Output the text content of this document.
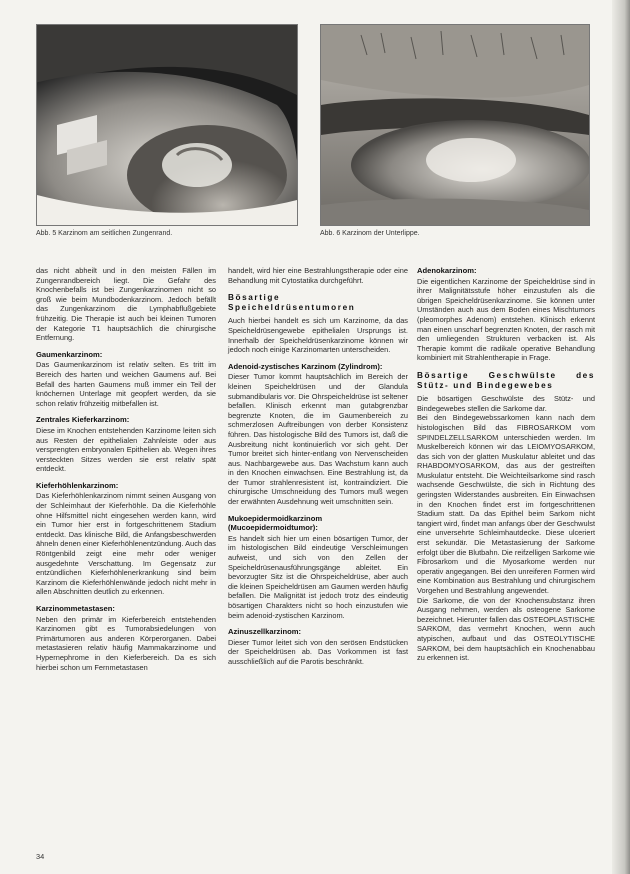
Abb. 5 Karzinom am seitlichen Zungenrand.	Abb. 6 Karzinom der Unterlippe.

das nicht abheilt und in den meisten Fällen im Zungenrandbereich liegt. Die Gefahr des Knochenbefalls ist bei Zungenkarzinomen nicht so groß wie beim Mundbodenkarzinom. Jedoch befällt das Zungenkarzinom die Lymphabflußgebiete frühzeitig. Die Therapie ist auch bei kleinen Tumoren der Kategorie T1 hauptsächlich die chirurgische Entfernung.

Gaumenkarzinom:

Das Gaumenkarzinom ist relativ selten. Es tritt im Bereich des harten und weichen Gaumens auf. Bei Befall des harten Gaumens muß immer ein Teil der knöchernen Unterlage mit geopfert werden, da sie schon relativ frühzeitig mitbefallen ist.

Zentrales Kieferkarzinom:

Diese im Knochen entstehenden Karzinome leiten sich aus Resten der epithelialen Zahnleiste oder aus versprengten embryonalen Epithelien ab. Wegen ihres versteckten Sitzes werden sie erst relativ spät entdeckt.

Kieferhöhlenkarzinom:

Das Kieferhöhlenkarzinom nimmt seinen Ausgang von der Schleimhaut der Kieferhöhle. Da die Kieferhöhle ohne Hilfsmittel nicht eingesehen werden kann, wird ein Tumor hier erst in fortgeschrittenem Stadium entdeckt. Das klinische Bild, die Anfangsbeschwerden ähneln denen einer Kieferhöhlenentzündung. Auch das Röntgenbild zeigt eine mehr oder weniger ausgedehnte Verschattung. Im Gegensatz zur entzündlichen Kieferhöhlenerkrankung sind beim Karzinom die Kieferhöhlenwände jedoch nicht mehr in allen Abschnitten deutlich zu erkennen.

Karzinommetastasen:

Neben den primär im Kieferbereich entstehenden Karzinomen gibt es Tumorabsiedelungen von Primärtumoren aus anderen Körperorganen. Dabei metastasieren relativ häufig Mammakarzinome und Hypernephrome in den Kieferbereich. Da es sich hierbei schon um Fernmetastasen

handelt, wird hier eine Bestrahlungstherapie oder eine Behandlung mit Cytostatika durchgeführt.

Bösartige Speicheldrüsentumoren

Auch hierbei handelt es sich um Karzinome, da das Speicheldrüsengewebe epithelialen Ursprungs ist. Innerhalb der Speicheldrüsenkarzinome können wir jedoch noch einige Karzinomarten unterscheiden.

Adenoid-zystisches Karzinom (Zylindrom):

Dieser Tumor kommt hauptsächlich im Bereich der kleinen Speicheldrüsen und der Glandula submandibularis vor. Die Ohrspeicheldrüse ist seltener befallen. Klinisch erkennt man gutabgrenzbar begrenzte Knoten, die im Gaumenbereich zu schmerzlosen Auftreibungen von derber Konsistenz führen. Das histologische Bild des Tumors ist, daß die Ausbreitung nicht kontinuierlich vor sich geht. Der Tumor breitet sich hinter-entlang von Nervenscheiden aus. Nachbargewebe aus. Das Wachstum kann auch in den Knochen einwachsen. Eine Bestrahlung ist, da der Tumor strahlenresistent ist, kontraindiziert. Die chirurgische Umschneidung des Tumors muß wegen der erwähnten Ausdehnung weit umschnitten sein.

Mukoepidermoidkarzinom (Mucoepidermoidtumor):

Es handelt sich hier um einen bösartigen Tumor, der im histologischen Bild eindeutige Verschleimungen aufweist, und sich von den Zellen der Speicheldrüsenausführungsgänge ableitet. Ein bevorzugter Sitz ist die Ohrspeicheldrüse, aber auch die kleinen Speicheldrüsen am Gaumen werden häufig befallen. Die Malignität ist jedoch trotz des eindeutig bösartigen Charakters nicht so hoch einzustufen wie beim adenoid-zystischen Karzinom.

Azinuszellkarzinom:

Dieser Tumor leitet sich von den serösen Endstücken der Speicheldrüsen ab. Das Vorkommen ist fast ausschließlich auf die Parotis beschränkt.

Adenokarzinom:

Die eigentlichen Karzinome der Speicheldrüse sind in ihrer Malignitätsstufe höher einzustufen als die übrigen Speicheldrüsenkarzinome. Sie können unter Umständen auch aus dem Boden eines Mischtumors (pleomorphes Adenom) entstehen. Klinisch erkennt man einen unscharf begrenzten Knoten, der rasch mit den umliegenden Strukturen verbacken ist. Als Therapie kommt die radikale operative Behandlung kombiniert mit Strahlentherapie in Frage.

Bösartige Geschwülste des Stütz- und Bindegewebes

Die bösartigen Geschwülste des Stütz- und Bindegewebes stellen die Sarkome dar.

Bei den Bindegewebssarkomen kann nach dem histologischen Bild das FIBROSARKOM vom SPINDELZELLSARKOM unterschieden werden. Im Muskelbereich können wir das LEIOMYOSARKOM, das sich von der glatten Muskulatur ableitet und das RHABDOMYOSARKOM, das aus der gestreiften Muskulatur entsteht. Die Weichteilsarkome sind rasch wachsende Geschwülste, die sich in Richtung des geringsten Widerstandes ausbreiten. Ein Einwachsen in den Knochen findet erst im fortgeschrittenen Stadium statt. Da das Epithel beim Sarkom nicht tangiert wird, findet man anfangs über der Geschwulst eine unversehrte Schleimhautdecke. Diese ulceriert erst sekundär. Die Metastasierung der Sarkome erfolgt über die Blutbahn. Die reifzelligen Sarkome wie Fibrosarkom und die Myosarkome werden nur operativ angegangen. Bei den unreiferen Formen wird eine Kombination aus Bestrahlung und chirurgischem Vorgehen und Bestrahlung angewendet.

Die Sarkome, die von der Knochensubstanz ihren Ausgang nehmen, werden als osteogene Sarkome bezeichnet. Hierunter fallen das OSTEOPLASTISCHE SARKOM, das vermehrt Knochen, wenn auch atypischen, aufbaut und das OSTEOLYTISCHE SARKOM, bei dem hauptsächlich ein Knochenabbau zu erkennen ist.

34
